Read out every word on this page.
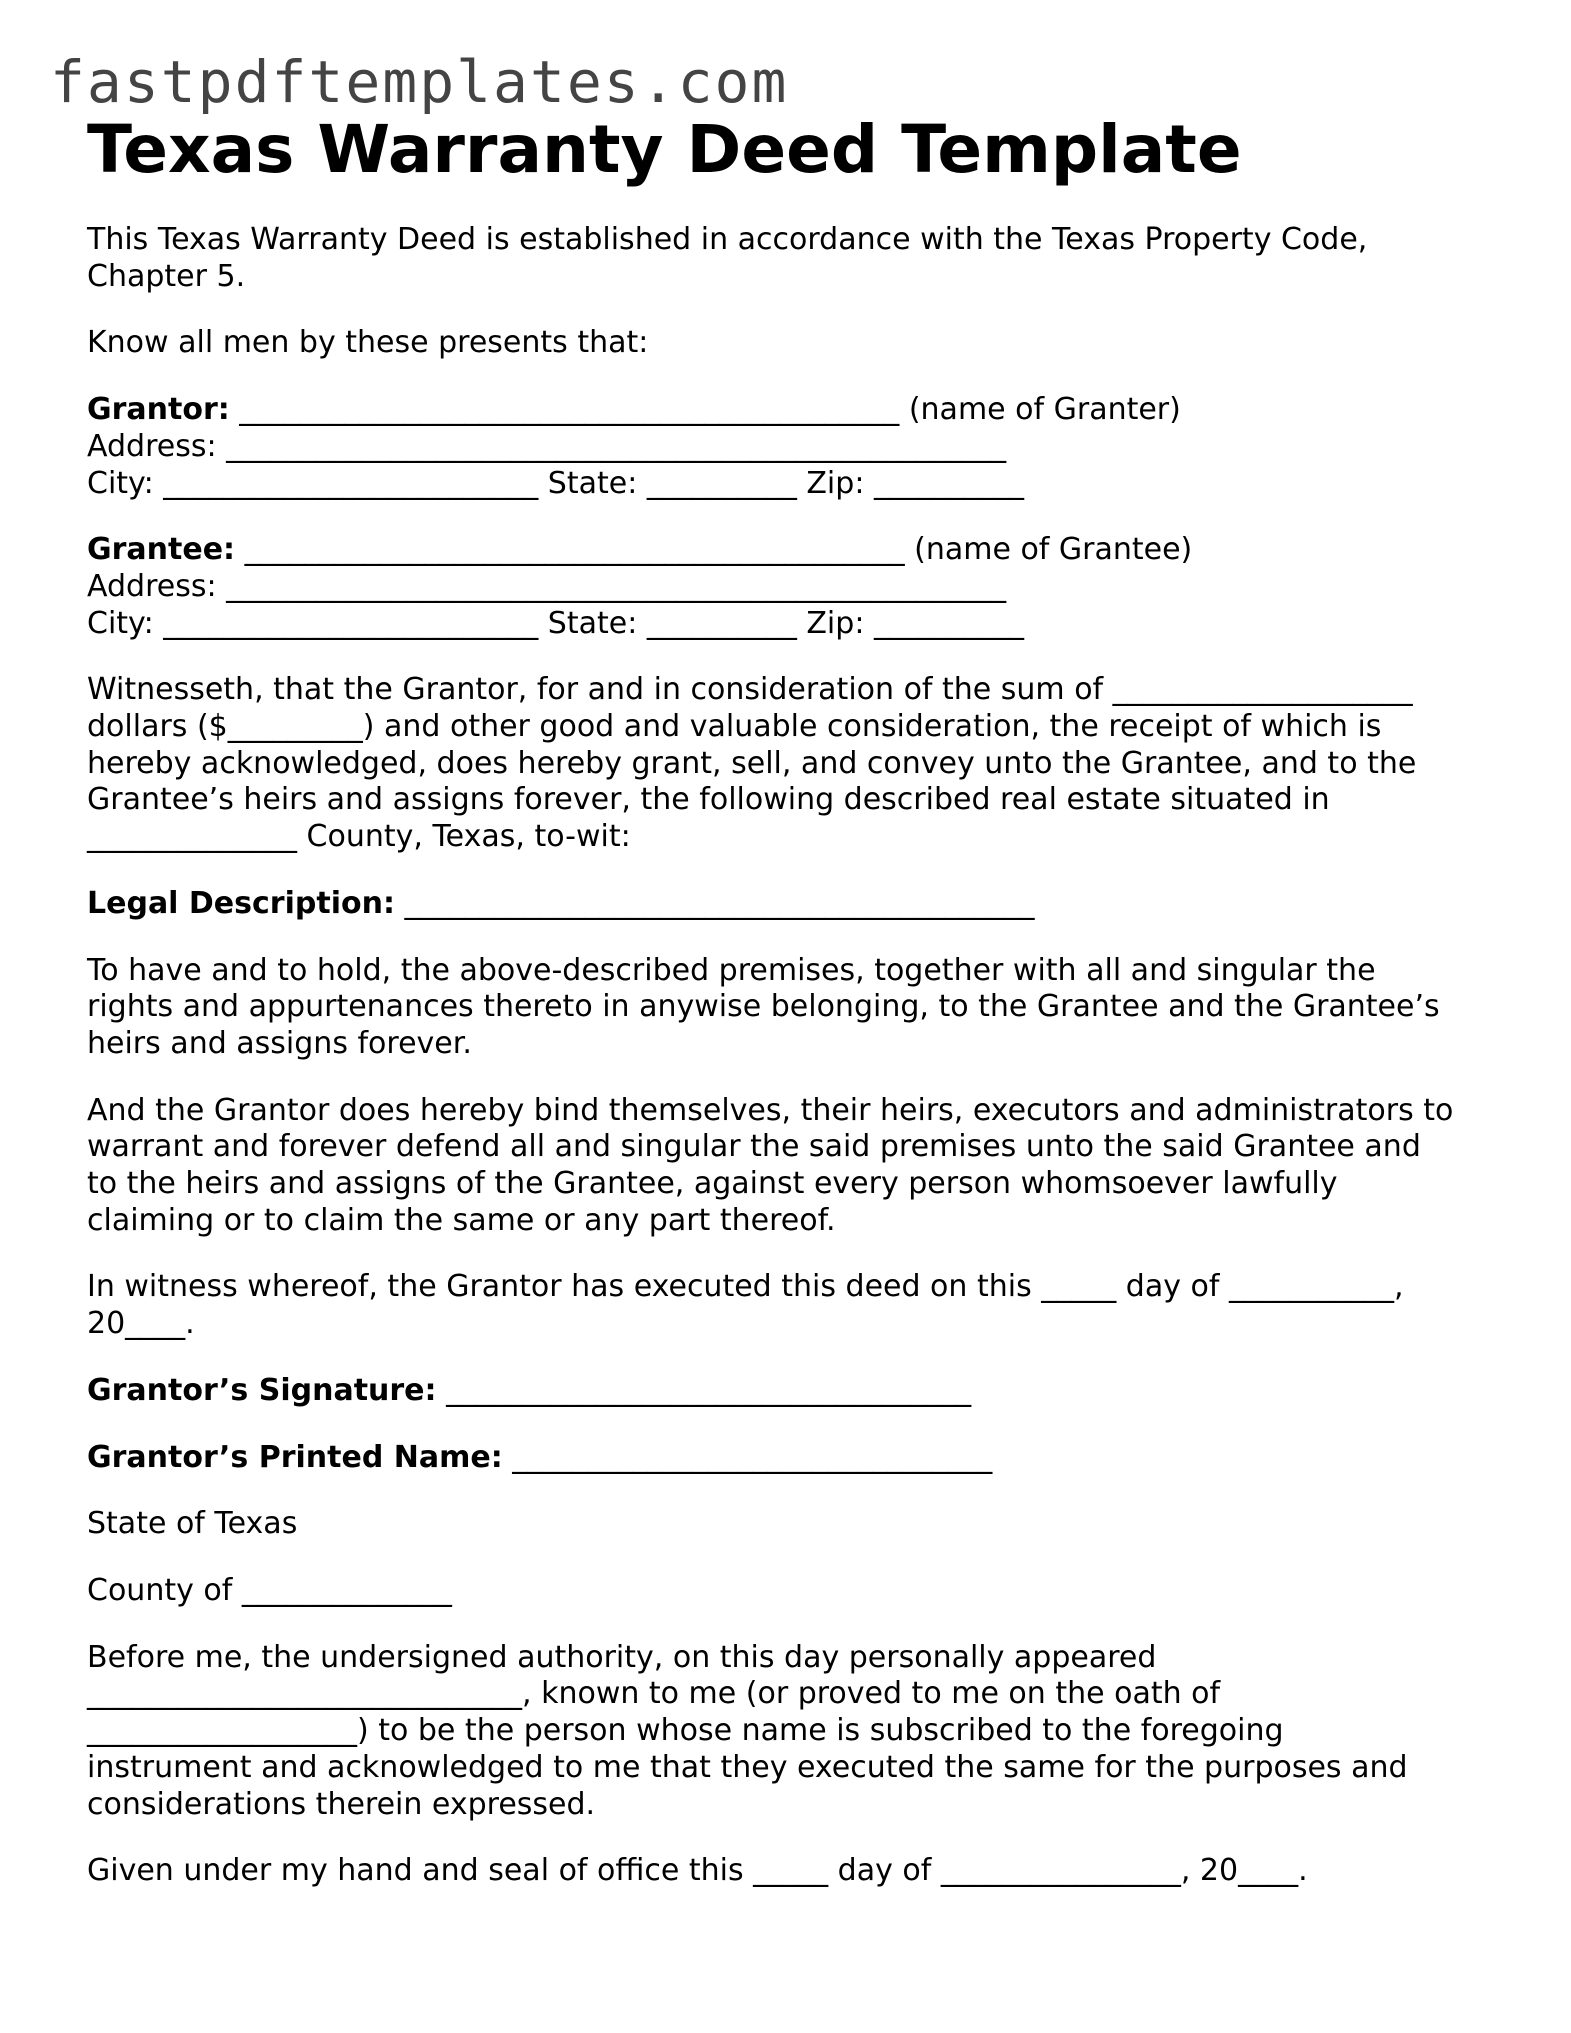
fastpdftemplates.com
Texas Warranty Deed Template

This Texas Warranty Deed is established in accordance with the Texas Property Code,

Chapter 5.

Know all men by these presents that:

Grantor: ____________________________________________ (name of Granter)

Address: ____________________________________________________

City: _________________________ State: __________ Zip: __________

Grantee: ____________________________________________ (name of Grantee)

Address: ____________________________________________________

City: _________________________ State: __________ Zip: __________

Witnesseth, that the Grantor, for and in consideration of the sum of ____________________

dollars ($_________) and other good and valuable consideration, the receipt of which is

hereby acknowledged, does hereby grant, sell, and convey unto the Grantee, and to the

Grantee’s heirs and assigns forever, the following described real estate situated in

______________ County, Texas, to-wit:

Legal Description: __________________________________________

To have and to hold, the above-described premises, together with all and singular the

rights and appurtenances thereto in anywise belonging, to the Grantee and the Grantee’s

heirs and assigns forever.

And the Grantor does hereby bind themselves, their heirs, executors and administrators to

warrant and forever defend all and singular the said premises unto the said Grantee and

to the heirs and assigns of the Grantee, against every person whomsoever lawfully

claiming or to claim the same or any part thereof.

In witness whereof, the Grantor has executed this deed on this _____ day of ___________,

20____.

Grantor’s Signature: ___________________________________

Grantor’s Printed Name: ________________________________

State of Texas

County of ______________

Before me, the undersigned authority, on this day personally appeared

_____________________________, known to me (or proved to me on the oath of

__________________) to be the person whose name is subscribed to the foregoing

instrument and acknowledged to me that they executed the same for the purposes and

considerations therein expressed.

Given under my hand and seal of office this _____ day of ________________, 20____.
